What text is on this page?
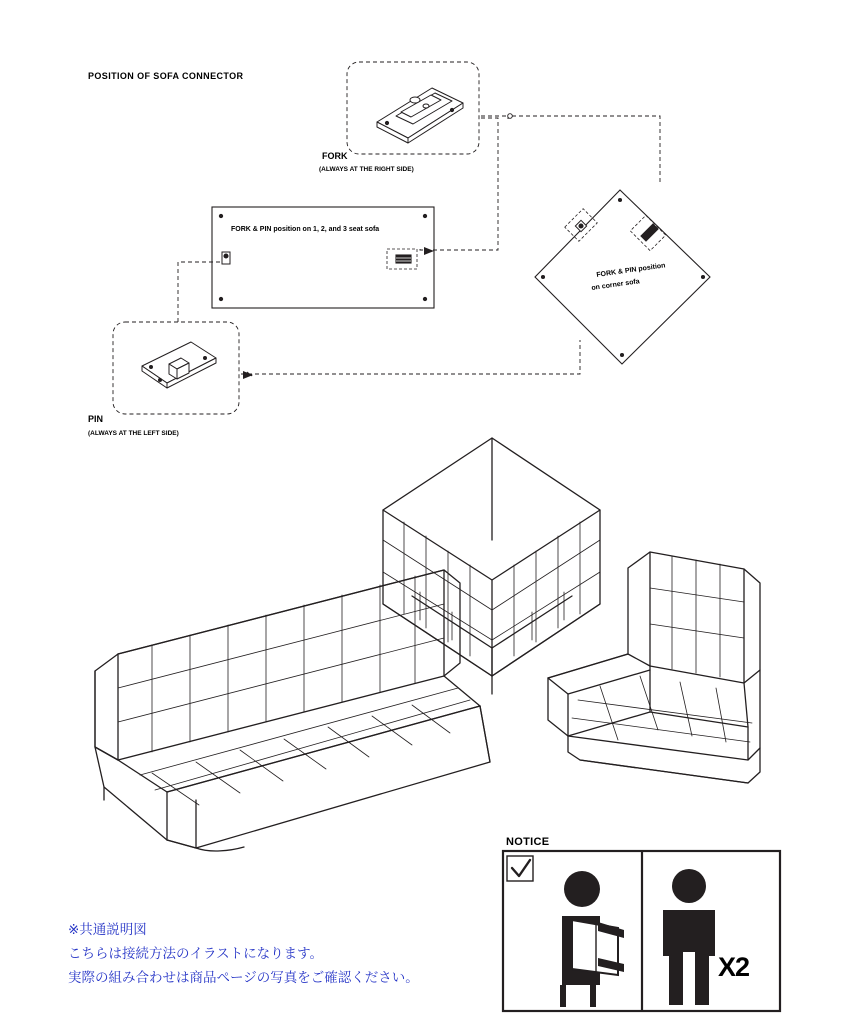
POSITION OF SOFA CONNECTOR
FORK
(ALWAYS AT THE RIGHT SIDE)
PIN
(ALWAYS AT THE LEFT SIDE)
FORK & PIN position on 1, 2, and 3 seat sofa
FORK & PIN position
on corner sofa
NOTICE
X2
※共通説明図
こちらは接続方法のイラストになります。
実際の組み合わせは商品ページの写真をご確認ください。
